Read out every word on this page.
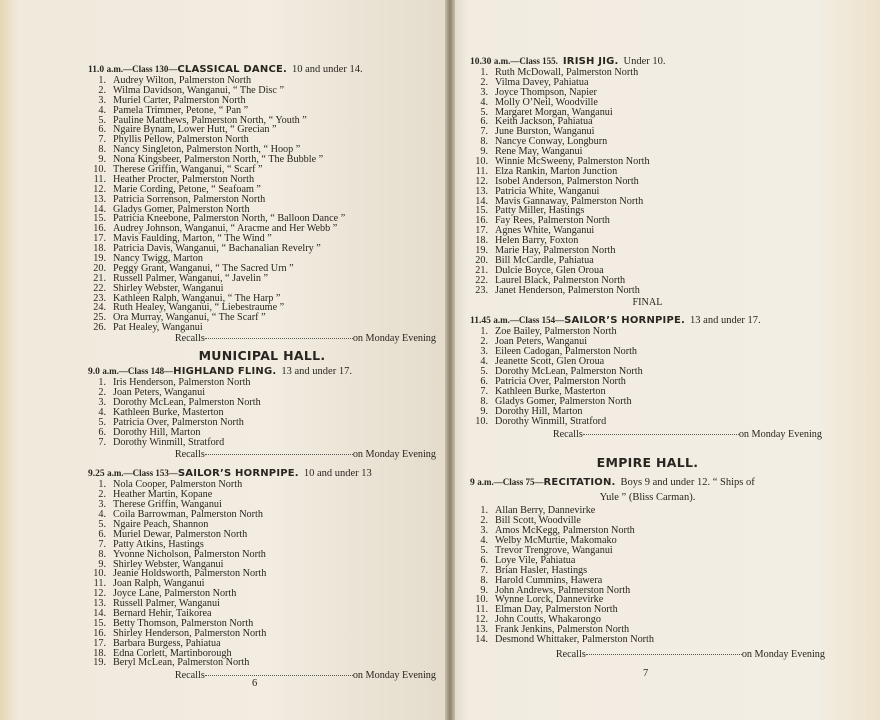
11.0 a.m.—Class 130—CLASSICAL DANCE. 10 and under 14.

1. Audrey Wilton, Palmerston North
2. Wilma Davidson, Wanganui, “ The Disc ”
3. Muriel Carter, Palmerston North
4. Pamela Trimmer, Petone, “ Pan ”
5. Pauline Matthews, Palmerston North, “ Youth ”
6. Ngaire Bynam, Lower Hutt, “ Grecian ”
7. Phyllis Pellow, Palmerston North
8. Nancy Singleton, Palmerston North, “ Hoop ”
9. Nona Kingsbeer, Palmerston North, “ The Bubble ”
10. Therese Griffin, Wanganui, “ Scarf ”
11. Heather Procter, Palmerston North
12. Marie Cording, Petone, “ Seafoam ”
13. Patricia Sorrenson, Palmerston North
14. Gladys Gomer, Palmerston North
15. Patricia Kneebone, Palmerston North, “ Balloon Dance ”
16. Audrey Johnson, Wanganui, “ Aracme and Her Webb ”
17. Mavis Faulding, Marton, “ The Wind ”
18. Patricia Davis, Wanganui, “ Bachanalian Revelry ”
19. Nancy Twigg, Marton
20. Peggy Grant, Wanganui, “ The Sacred Urn ”
21. Russell Palmer, Wanganui, “ Javelin ”
22. Shirley Webster, Wanganui
23. Kathleen Ralph, Wanganui, “ The Harp ”
24. Ruth Healey, Wanganui, “ Liebestraume ”
25. Ora Murray, Wanganui, “ The Scarf ”
26. Pat Healey, Wanganui
Recalls	on Monday Evening
MUNICIPAL HALL.

9.0 a.m.—Class 148—HIGHLAND FLING. 13 and under 17.

1. Iris Henderson, Palmerston North
2. Joan Peters, Wanganui
3. Dorothy McLean, Palmerston North
4. Kathleen Burke, Masterton
5. Patricia Over, Palmerston North
6. Dorothy Hill, Marton
7. Dorothy Winmill, Stratford
Recalls	on Monday Evening

9.25 a.m.—Class 153—SAILOR’S HORNPIPE. 10 and under 13

1. Nola Cooper, Palmerston North
2. Heather Martin, Kopane
3. Therese Griffin, Wanganui
4. Coila Barrowman, Palmerston North
5. Ngaire Peach, Shannon
6. Muriel Dewar, Palmerston North
7. Patty Atkins, Hastings
8. Yvonne Nicholson, Palmerston North
9. Shirley Webster, Wanganui
10. Jeanie Holdsworth, Palmerston North
11. Joan Ralph, Wanganui
12. Joyce Lane, Palmerston North
13. Russell Palmer, Wanganui
14. Bernard Hehir, Taikorea
15. Betty Thomson, Palmerston North
16. Shirley Henderson, Palmerston North
17. Barbara Burgess, Pahiatua
18. Edna Corlett, Martinborough
19. Beryl McLean, Palmerston North
Recalls	on Monday Evening
6

10.30 a.m.—Class 155. IRISH JIG. Under 10.

1. Ruth McDowall, Palmerston North
2. Vilma Davey, Pahiatua
3. Joyce Thompson, Napier
4. Molly O’Neil, Woodville
5. Margaret Morgan, Wanganui
6. Keith Jackson, Pahiatua
7. June Burston, Wanganui
8. Nancye Conway, Longburn
9. Rene May, Wanganui
10. Winnie McSweeny, Palmerston North
11. Elza Rankin, Marton Junction
12. Isobel Anderson, Palmerston North
13. Patricia White, Wanganui
14. Mavis Gannaway, Palmerston North
15. Patty Miller, Hastings
16. Fay Rees, Palmerston North
17. Agnes White, Wanganui
18. Helen Barry, Foxton
19. Marie Hay, Palmerston North
20. Bill McCardle, Pahiatua
21. Dulcie Boyce, Glen Oroua
22. Laurel Black, Palmerston North
23. Janet Henderson, Palmerston North
FINAL

11.45 a.m.—Class 154—SAILOR’S HORNPIPE. 13 and under 17.

1. Zoe Bailey, Palmerston North
2. Joan Peters, Wanganui
3. Eileen Cadogan, Palmerston North
4. Jeanette Scott, Glen Oroua
5. Dorothy McLean, Palmerston North
6. Patricia Over, Palmerston North
7. Kathleen Burke, Masterton
8. Gladys Gomer, Palmerston North
9. Dorothy Hill, Marton
10. Dorothy Winmill, Stratford
Recalls	on Monday Evening
EMPIRE HALL.

9 a.m.—Class 75—RECITATION. Boys 9 and under 12. “ Ships of

Yule ” (Bliss Carman).

1. Allan Berry, Dannevirke
2. Bill Scott, Woodville
3. Amos McKegg, Palmerston North
4. Welby McMurtie, Makomako
5. Trevor Trengrove, Wanganui
6. Loye Vile, Pahiatua
7. Brian Hasler, Hastings
8. Harold Cummins, Hawera
9. John Andrews, Palmerston North
10. Wynne Lorck, Dannevirke
11. Elman Day, Palmerston North
12. John Coutts, Whakarongo
13. Frank Jenkins, Palmerston North
14. Desmond Whittaker, Palmerston North
Recalls	on Monday Evening
7
